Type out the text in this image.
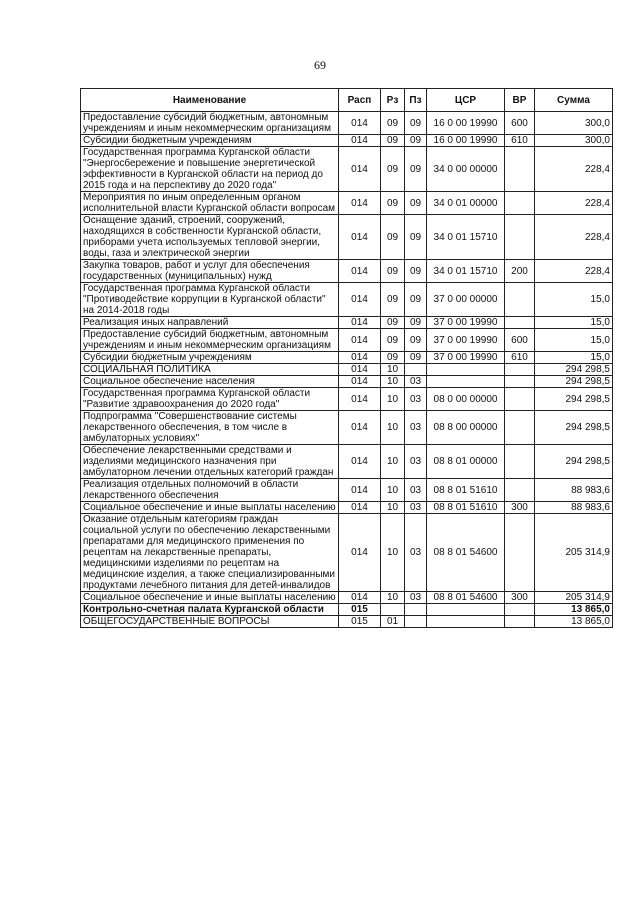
69
Наименование	Расп	Рз	Пз	ЦСР	ВР	Сумма
Предоставление субсидий бюджетным, автономным учреждениям и иным некоммерческим организациям	014	09	09	16 0 00 19990	600	300,0
Субсидии бюджетным учреждениям	014	09	09	16 0 00 19990	610	300,0
Государственная программа Курганской области "Энергосбережение и повышение энергетической эффективности в Курганской области на период до 2015 года и на перспективу до 2020 года"	014	09	09	34 0 00 00000		228,4
Мероприятия по иным определенным органом исполнительной власти Курганской области вопросам	014	09	09	34 0 01 00000		228,4
Оснащение зданий, строений, сооружений, находящихся в собственности Курганской области, приборами учета используемых тепловой энергии, воды, газа и электрической энергии	014	09	09	34 0 01 15710		228,4
Закупка товаров, работ и услуг для обеспечения государственных (муниципальных) нужд	014	09	09	34 0 01 15710	200	228,4
Государственная программа Курганской области "Противодействие коррупции в Курганской области" на 2014-2018 годы	014	09	09	37 0 00 00000		15,0
Реализация иных направлений	014	09	09	37 0 00 19990		15,0
Предоставление субсидий бюджетным, автономным учреждениям и иным некоммерческим организациям	014	09	09	37 0 00 19990	600	15,0
Субсидии бюджетным учреждениям	014	09	09	37 0 00 19990	610	15,0
СОЦИАЛЬНАЯ ПОЛИТИКА	014	10				294 298,5
Социальное обеспечение населения	014	10	03			294 298,5
Государственная программа Курганской области "Развитие здравоохранения до 2020 года"	014	10	03	08 0 00 00000		294 298,5
Подпрограмма "Совершенствование системы лекарственного обеспечения, в том числе в амбулаторных условиях"	014	10	03	08 8 00 00000		294 298,5
Обеспечение лекарственными средствами и изделиями медицинского назначения при амбулаторном лечении отдельных категорий граждан	014	10	03	08 8 01 00000		294 298,5
Реализация отдельных полномочий в области лекарственного обеспечения	014	10	03	08 8 01 51610		88 983,6
Социальное обеспечение и иные выплаты населению	014	10	03	08 8 01 51610	300	88 983,6
Оказание отдельным категориям граждан социальной услуги по обеспечению лекарственными препаратами для медицинского применения по рецептам на лекарственные препараты, медицинскими изделиями по рецептам на медицинские изделия, а также специализированными продуктами лечебного питания для детей-инвалидов	014	10	03	08 8 01 54600		205 314,9
Социальное обеспечение и иные выплаты населению	014	10	03	08 8 01 54600	300	205 314,9
Контрольно-счетная палата Курганской области	015					13 865,0
ОБЩЕГОСУДАРСТВЕННЫЕ ВОПРОСЫ	015	01				13 865,0
